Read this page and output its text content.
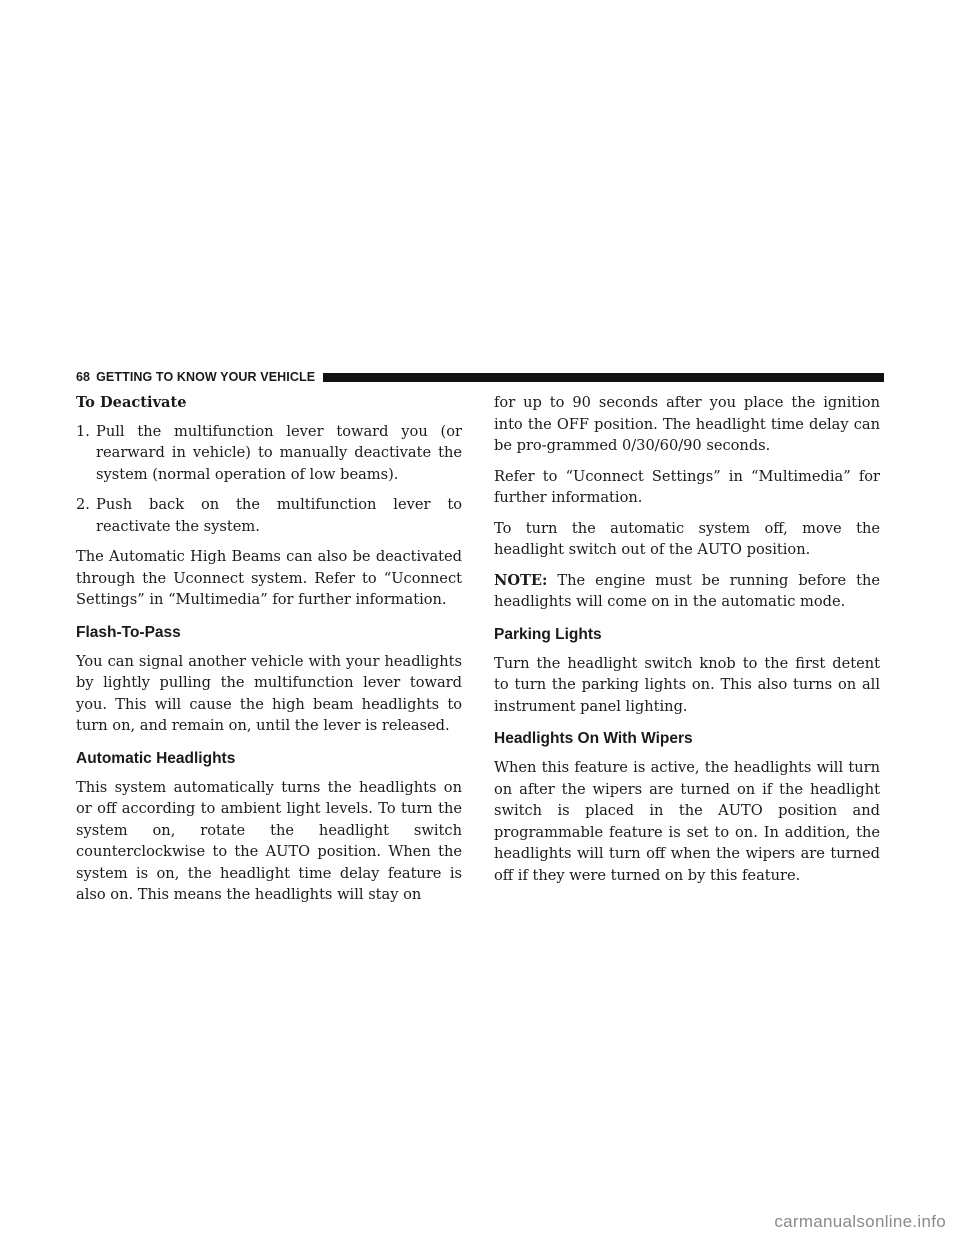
68 GETTING TO KNOW YOUR VEHICLE
To Deactivate
1. Pull the multifunction lever toward you (or rearward in vehicle) to manually deactivate the system (normal operation of low beams).
2. Push back on the multifunction lever to reactivate the system.

The Automatic High Beams can also be deactivated through the Uconnect system. Refer to “Uconnect Settings” in “Multimedia” for further information.

Flash-To-Pass

You can signal another vehicle with your headlights by lightly pulling the multifunction lever toward you. This will cause the high beam headlights to turn on, and remain on, until the lever is released.

Automatic Headlights

This system automatically turns the headlights on or off according to ambient light levels. To turn the system on, rotate the headlight switch counterclockwise to the AUTO position. When the system is on, the headlight time delay feature is also on. This means the headlights will stay on

for up to 90 seconds after you place the ignition into the OFF position. The headlight time delay can be pro-grammed 0/30/60/90 seconds.

Refer to “Uconnect Settings” in “Multimedia” for further information.

To turn the automatic system off, move the headlight switch out of the AUTO position.

NOTE: The engine must be running before the headlights will come on in the automatic mode.

Parking Lights

Turn the headlight switch knob to the first detent to turn the parking lights on. This also turns on all instrument panel lighting.

Headlights On With Wipers

When this feature is active, the headlights will turn on after the wipers are turned on if the headlight switch is placed in the AUTO position and programmable feature is set to on. In addition, the headlights will turn off when the wipers are turned off if they were turned on by this feature.

carmanualsonline.info
